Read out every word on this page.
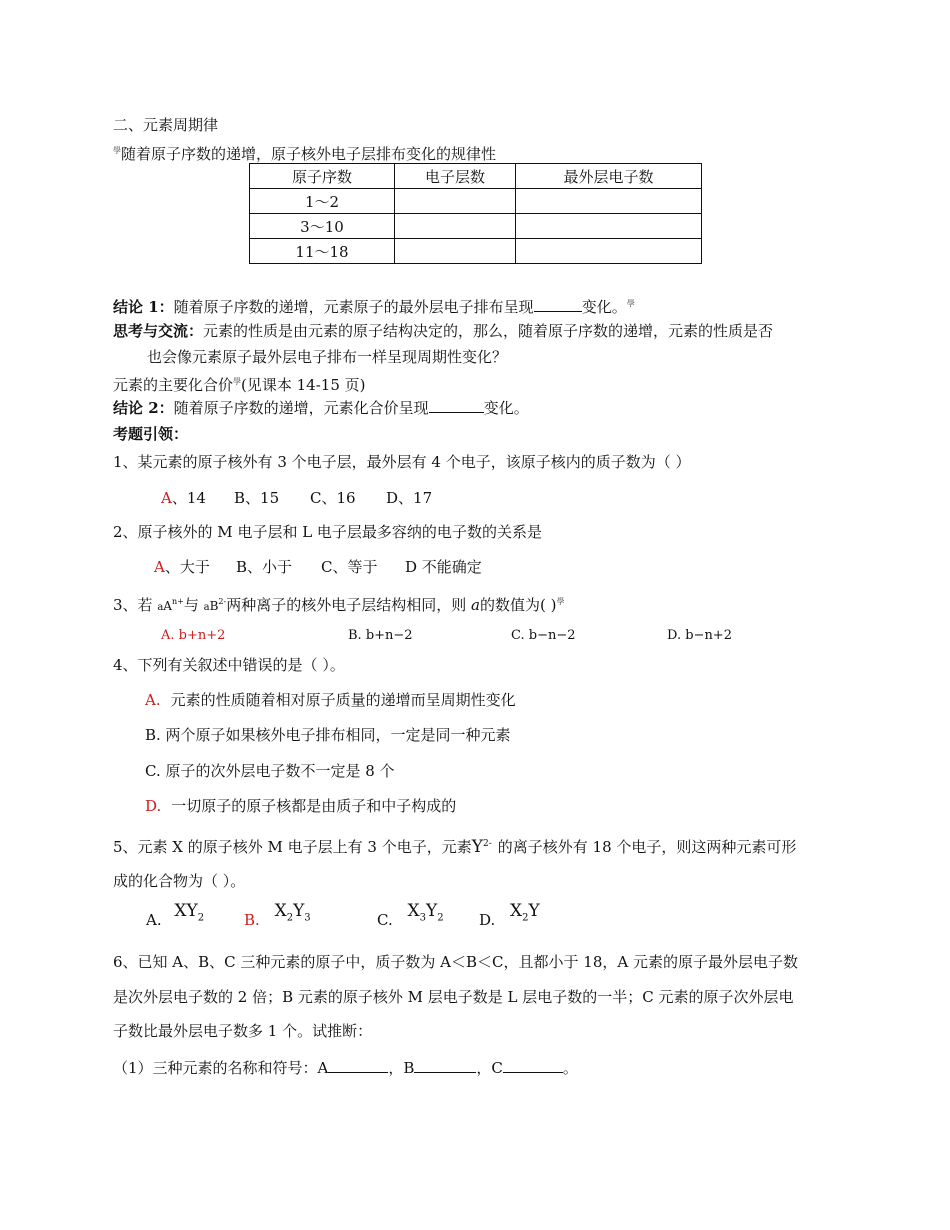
二、元素周期律
$^學$随着原子序数的递增，原子核外电子层排布变化的规律性
原子序数	电子层数	最外层电子数
1～2		
3～10		
11～18		
结论 1：随着原子序数的递增，元素原子的最外层电子排布呈现	变化。$^學$
思考与交流：元素的性质是由元素的原子结构决定的，那么，随着原子序数的递增，元素的性质是否
也会像元素原子最外层电子排布一样呈现周期性变化？
元素的主要化合价$^學$(见课本 14-15 页)
结论 2：随着原子序数的递增，元素化合价呈现	变化。
考题引领：
1、某元素的原子核外有 3 个电子层，最外层有 4 个电子，该原子核内的质子数为（ ）
A、14 B、15 C、16 D、17
2、原子核外的 M 电子层和 L 电子层最多容纳的电子数的关系是
A、大于 B、小于 C、等于 D 不能确定
3、若 $aA^{n+}$与 $aB^{2-}$两种离子的核外电子层结构相同，则 a的数值为( )$^學$
A. b+n+2	B. b+n−2	C. b−n−2	D. b−n+2
4、下列有关叙述中错误的是（ ）。
A. 元素的性质随着相对原子质量的递增而呈周期性变化
B. 两个原子如果核外电子排布相同，一定是同一种元素
C. 原子的次外层电子数不一定是 8 个
D. 一切原子的原子核都是由质子和中子构成的
5、元素 X 的原子核外 M 电子层上有 3 个电子，元素$Y^{2-}$ 的离子核外有 18 个电子，则这两种元素可形
成的化合物为（ ）。
A. $XY_2$	B. $X_2Y_3$	C. $X_3Y_2$ D. $X_2Y$
6、已知 A、B、C 三种元素的原子中，质子数为 A＜B＜C，且都小于 18，A 元素的原子最外层电子数
是次外层电子数的 2 倍；B 元素的原子核外 M 层电子数是 L 层电子数的一半；C 元素的原子次外层电
子数比最外层电子数多 1 个。试推断：
（1）三种元素的名称和符号：A	，B	，C	。
